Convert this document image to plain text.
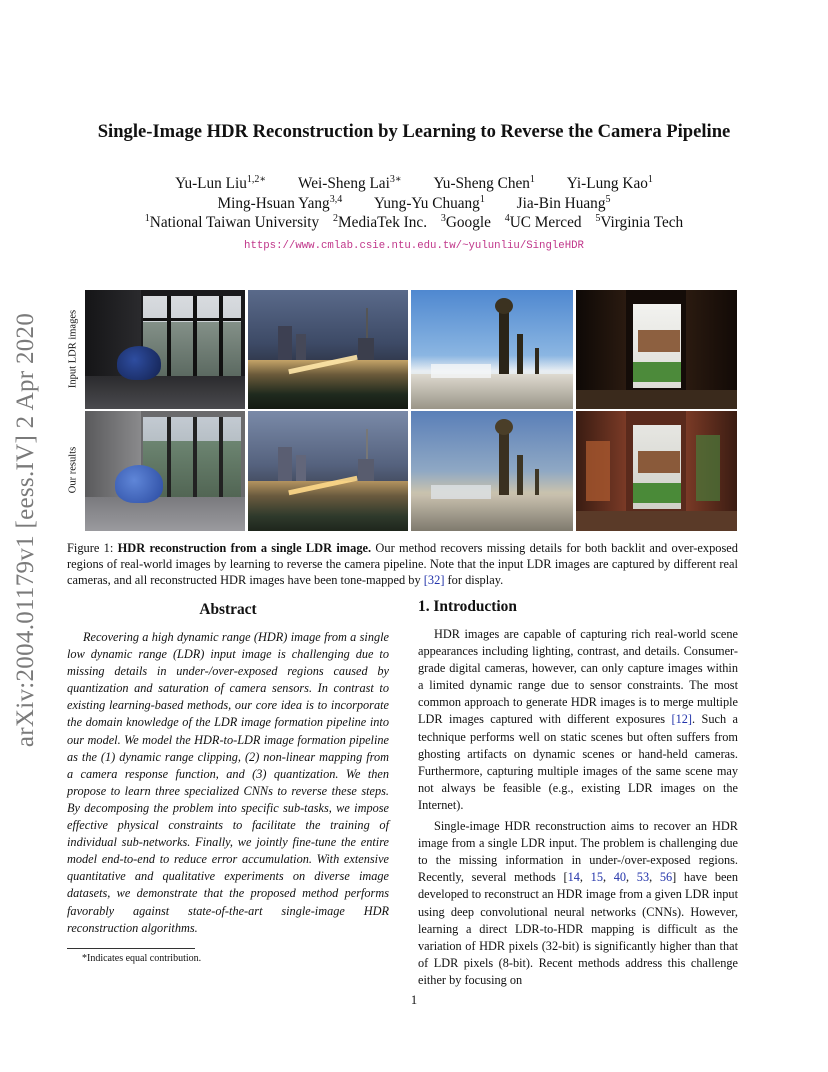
arXiv:2004.01179v1 [eess.IV] 2 Apr 2020
Single-Image HDR Reconstruction by Learning to Reverse the Camera Pipeline
Yu-Lun Liu$^{1,2∗}$ Wei-Sheng Lai$^{3∗}$ Yu-Sheng Chen$^1$ Yi-Lung Kao$^1$
Ming-Hsuan Yang$^{3,4}$ Yung-Yu Chuang$^1$ Jia-Bin Huang$^5$
$^1$National Taiwan University $^2$MediaTek Inc. $^3$Google $^4$UC Merced $^5$Virginia Tech
https://www.cmlab.csie.ntu.edu.tw/~yulunliu/SingleHDR
Input LDR images
Our results
Figure 1: HDR reconstruction from a single LDR image. Our method recovers missing details for both backlit and over-exposed regions of real-world images by learning to reverse the camera pipeline. Note that the input LDR images are captured by different real cameras, and all reconstructed HDR images have been tone-mapped by [32] for display.
Abstract
Recovering a high dynamic range (HDR) image from a single low dynamic range (LDR) input image is challenging due to missing details in under-/over-exposed regions caused by quantization and saturation of camera sensors. In contrast to existing learning-based methods, our core idea is to incorporate the domain knowledge of the LDR image formation pipeline into our model. We model the HDR-to-LDR image formation pipeline as the (1) dynamic range clipping, (2) non-linear mapping from a camera response function, and (3) quantization. We then propose to learn three specialized CNNs to reverse these steps. By decomposing the problem into specific sub-tasks, we impose effective physical constraints to facilitate the training of individual sub-networks. Finally, we jointly fine-tune the entire model end-to-end to reduce error accumulation. With extensive quantitative and qualitative experiments on diverse image datasets, we demonstrate that the proposed method performs favorably against state-of-the-art single-image HDR reconstruction algorithms.
*Indicates equal contribution.
1. Introduction

HDR images are capable of capturing rich real-world scene appearances including lighting, contrast, and details. Consumer-grade digital cameras, however, can only capture images within a limited dynamic range due to sensor constraints. The most common approach to generate HDR images is to merge multiple LDR images captured with different exposures [12]. Such a technique performs well on static scenes but often suffers from ghosting artifacts on dynamic scenes or hand-held cameras. Furthermore, capturing multiple images of the same scene may not always be feasible (e.g., existing LDR images on the Internet).

Single-image HDR reconstruction aims to recover an HDR image from a single LDR input. The problem is challenging due to the missing information in under-/over-exposed regions. Recently, several methods [14, 15, 40, 53, 56] have been developed to reconstruct an HDR image from a given LDR input using deep convolutional neural networks (CNNs). However, learning a direct LDR-to-HDR mapping is difficult as the variation of HDR pixels (32-bit) is significantly higher than that of LDR pixels (8-bit). Recent methods address this challenge either by focusing on

1
